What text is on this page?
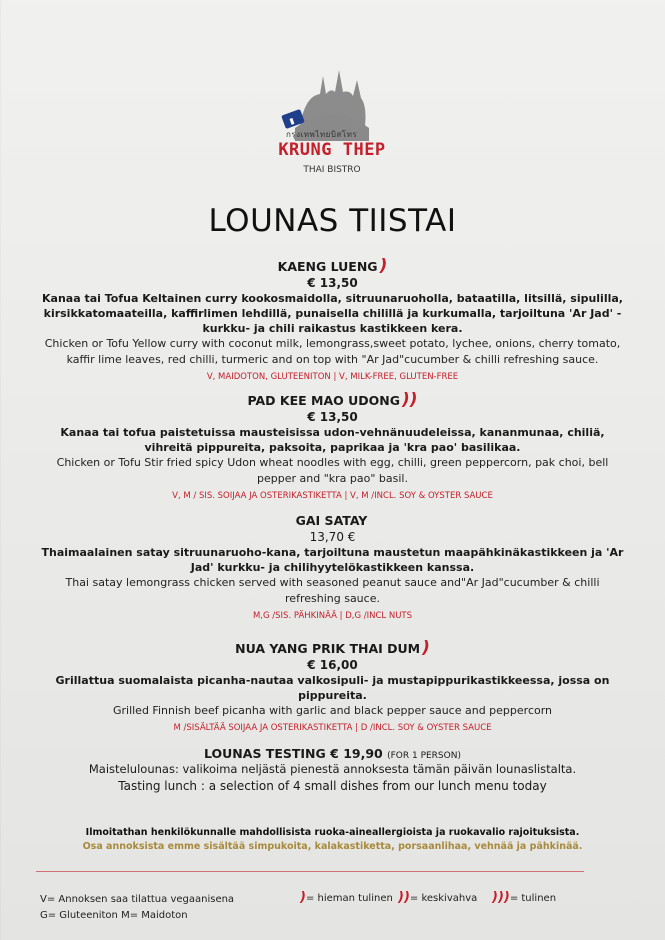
▮
กรุงเทพไทยบิสโทร
KRUNG THEP
THAI BISTRO
LOUNAS TIISTAI
KAENG LUENG )
€ 13,50
Kanaa tai Tofua Keltainen curry kookosmaidolla, sitruunaruoholla, bataatilla, litsillä, sipulilla, kirsikkatomaateilla, kaffirlimen lehdillä, punaisella chilillä ja kurkumalla, tarjoiltuna 'Ar Jad' -kurkku- ja chili raikastus kastikkeen kera.
Chicken or Tofu Yellow curry with coconut milk, lemongrass,sweet potato, lychee, onions, cherry tomato, kaffir lime leaves, red chilli, turmeric and on top with "Ar Jad"cucumber & chilli refreshing sauce.
V, MAIDOTON, GLUTEENITON | V, MILK-FREE, GLUTEN-FREE
PAD KEE MAO UDONG ))
€ 13,50
Kanaa tai tofua paistetuissa mausteisissa udon-vehnänuudeleissa, kananmunaa, chiliä, vihreitä pippureita, paksoita, paprikaa ja 'kra pao' basilikaa.
Chicken or Tofu Stir fried spicy Udon wheat noodles with egg, chilli, green peppercorn, pak choi, bell pepper and "kra pao" basil.
V, M / SIS. SOIJAA JA OSTERIKASTIKETTA | V, M /INCL. SOY & OYSTER SAUCE
GAI SATAY
13,70 €
Thaimaalainen satay sitruunaruoho-kana, tarjoiltuna maustetun maapähkinäkastikkeen ja 'Ar Jad' kurkku- ja chilihyytelökastikkeen kanssa.
Thai satay lemongrass chicken served with seasoned peanut sauce and"Ar Jad"cucumber & chilli refreshing sauce.
M,G /SIS. PÄHKINÄÄ | D,G /INCL NUTS
NUA YANG PRIK THAI DUM )
€ 16,00
Grillattua suomalaista picanha-nautaa valkosipuli- ja mustapippurikastikkeessa, jossa on pippureita.
Grilled Finnish beef picanha with garlic and black pepper sauce and peppercorn
M /SISÄLTÄÄ SOIJAA JA OSTERIKASTIKETTA | D /INCL. SOY & OYSTER SAUCE
LOUNAS TESTING € 19,90 (FOR 1 PERSON)
Maistelulounas: valikoima neljästä pienestä annoksesta tämän päivän lounaslistalta.
Tasting lunch : a selection of 4 small dishes from our lunch menu today
Ilmoitathan henkilökunnalle mahdollisista ruoka-aineallergioista ja ruokavalio rajoituksista.
Osa annoksista emme sisältää simpukoita, kalakastiketta, porsaanlihaa, vehnää ja pähkinää.
V= Annoksen saa tilattua vegaanisena
G= Gluteeniton M= Maidoton
)= hieman tulinen ))= keskivahva )))= tulinen
